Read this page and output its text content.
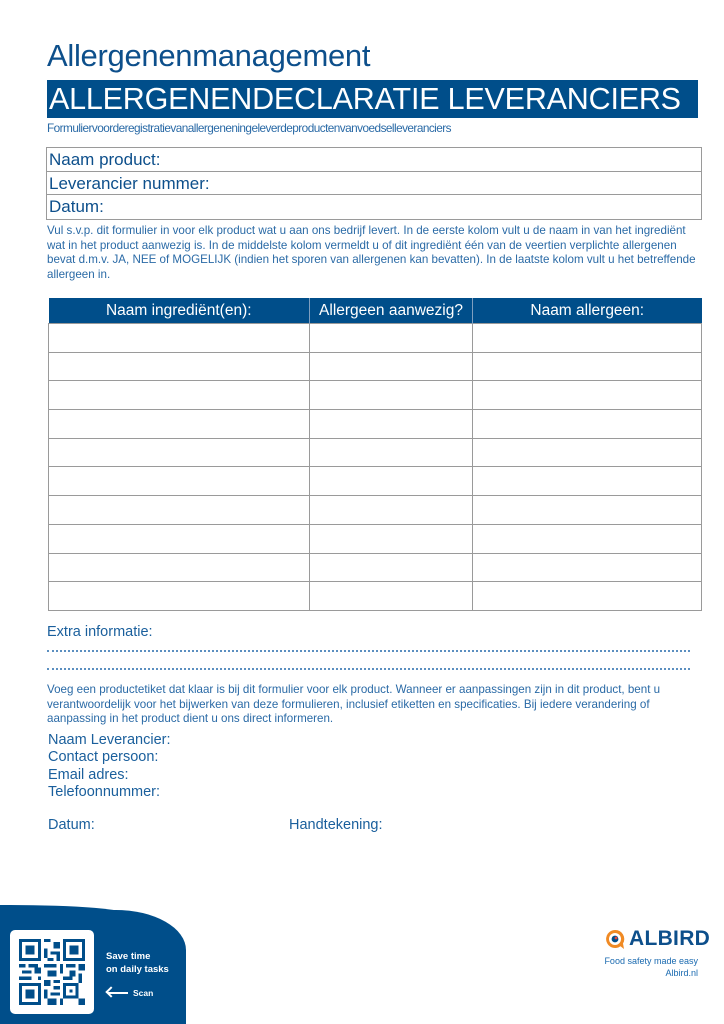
Allergenenmanagement
ALLERGENENDECLARATIE LEVERANCIERS
Formuliervoorderegistratievanallergeneningeleverdeproductenvanvoedselleveranciers
Naam product:
Leverancier nummer:
Datum:
Vul s.v.p. dit formulier in voor elk product wat u aan ons bedrijf levert. In de eerste kolom vult u de naam in van het ingrediënt wat in het product aanwezig is. In de middelste kolom vermeldt u of dit ingrediënt één van de veertien verplichte allergenen bevat d.m.v. JA, NEE of MOGELIJK (indien het sporen van allergenen kan bevatten). In de laatste kolom vult u het betreffende allergeen in.
Naam ingrediënt(en):	Allergeen aanwezig?	Naam allergeen:

Extra informatie:
Voeg een productetiket dat klaar is bij dit formulier voor elk product. Wanneer er aanpassingen zijn in dit product, bent u verantwoordelijk voor het bijwerken van deze formulieren, inclusief etiketten en specificaties. Bij iedere verandering of aanpassing in het product dient u ons direct informeren.
Naam Leverancier:
Contact persoon:
Email adres:
Telefoonnummer:
Datum:	Handtekening:
Save time
on daily tasks
Scan
ALBIRD
Food safety made easy
Albird.nl
